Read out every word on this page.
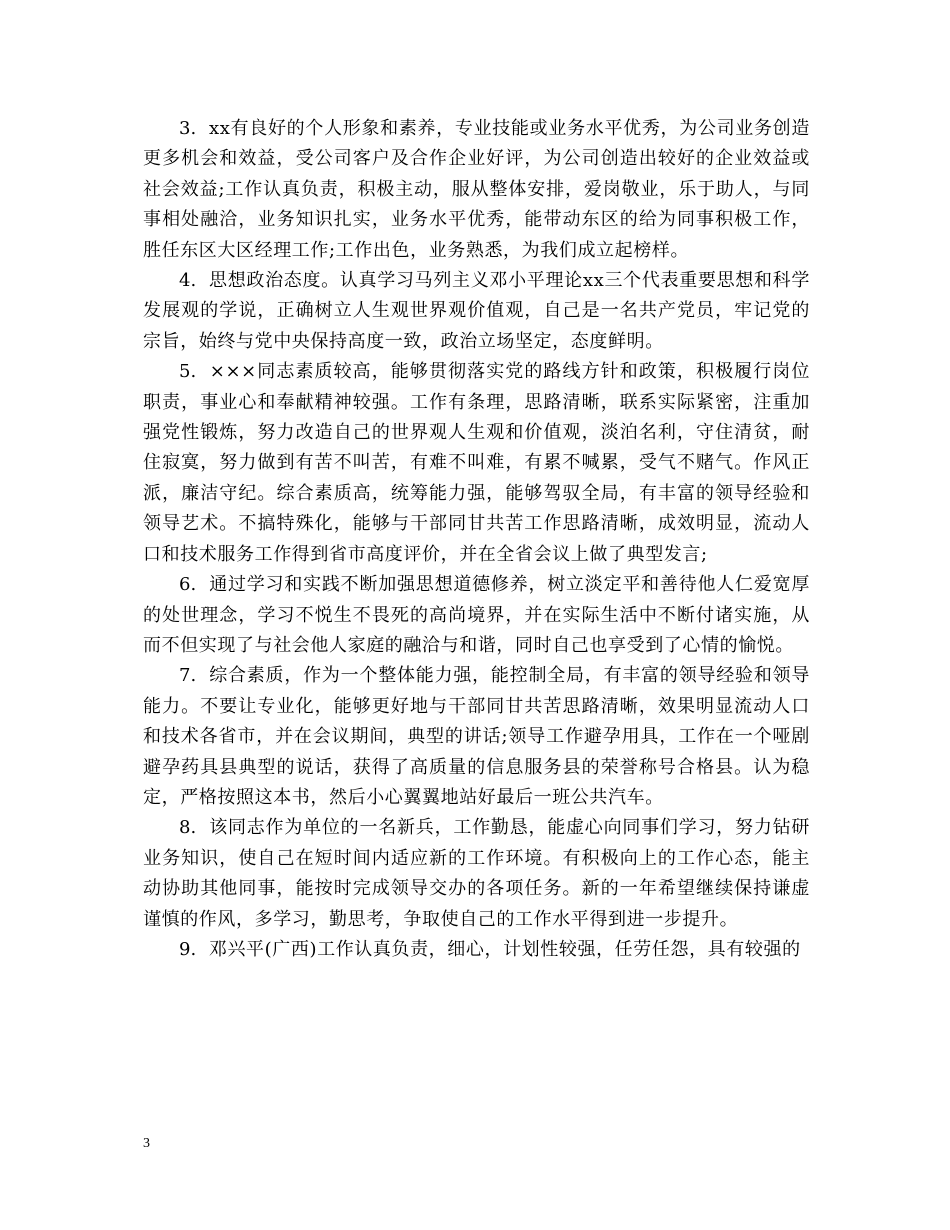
3. xx有良好的个人形象和素养，专业技能或业务水平优秀，为公司业务创造更多机会和效益，受公司客户及合作企业好评，为公司创造出较好的企业效益或社会效益;工作认真负责，积极主动，服从整体安排，爱岗敬业，乐于助人，与同事相处融洽，业务知识扎实，业务水平优秀，能带动东区的给为同事积极工作，胜任东区大区经理工作;工作出色，业务熟悉，为我们成立起榜样。

4. 思想政治态度。认真学习马列主义邓小平理论xx三个代表重要思想和科学发展观的学说，正确树立人生观世界观价值观，自己是一名共产党员，牢记党的宗旨，始终与党中央保持高度一致，政治立场坚定，态度鲜明。

5. ×××同志素质较高，能够贯彻落实党的路线方针和政策，积极履行岗位职责，事业心和奉献精神较强。工作有条理，思路清晰，联系实际紧密，注重加强党性锻炼，努力改造自己的世界观人生观和价值观，淡泊名利，守住清贫，耐住寂寞，努力做到有苦不叫苦，有难不叫难，有累不喊累，受气不赌气。作风正派，廉洁守纪。综合素质高，统筹能力强，能够驾驭全局，有丰富的领导经验和领导艺术。不搞特殊化，能够与干部同甘共苦工作思路清晰，成效明显，流动人口和技术服务工作得到省市高度评价，并在全省会议上做了典型发言;

6. 通过学习和实践不断加强思想道德修养，树立淡定平和善待他人仁爱宽厚的处世理念，学习不悦生不畏死的高尚境界，并在实际生活中不断付诸实施，从而不但实现了与社会他人家庭的融洽与和谐，同时自己也享受到了心情的愉悦。

7. 综合素质，作为一个整体能力强，能控制全局，有丰富的领导经验和领导能力。不要让专业化，能够更好地与干部同甘共苦思路清晰，效果明显流动人口和技术各省市，并在会议期间，典型的讲话;领导工作避孕用具，工作在一个哑剧避孕药具县典型的说话，获得了高质量的信息服务县的荣誉称号合格县。认为稳定，严格按照这本书，然后小心翼翼地站好最后一班公共汽车。

8. 该同志作为单位的一名新兵，工作勤恳，能虚心向同事们学习，努力钻研业务知识，使自己在短时间内适应新的工作环境。有积极向上的工作心态，能主动协助其他同事，能按时完成领导交办的各项任务。新的一年希望继续保持谦虚谨慎的作风，多学习，勤思考，争取使自己的工作水平得到进一步提升。

9. 邓兴平(广西)工作认真负责，细心，计划性较强，任劳任怨，具有较强的

3
